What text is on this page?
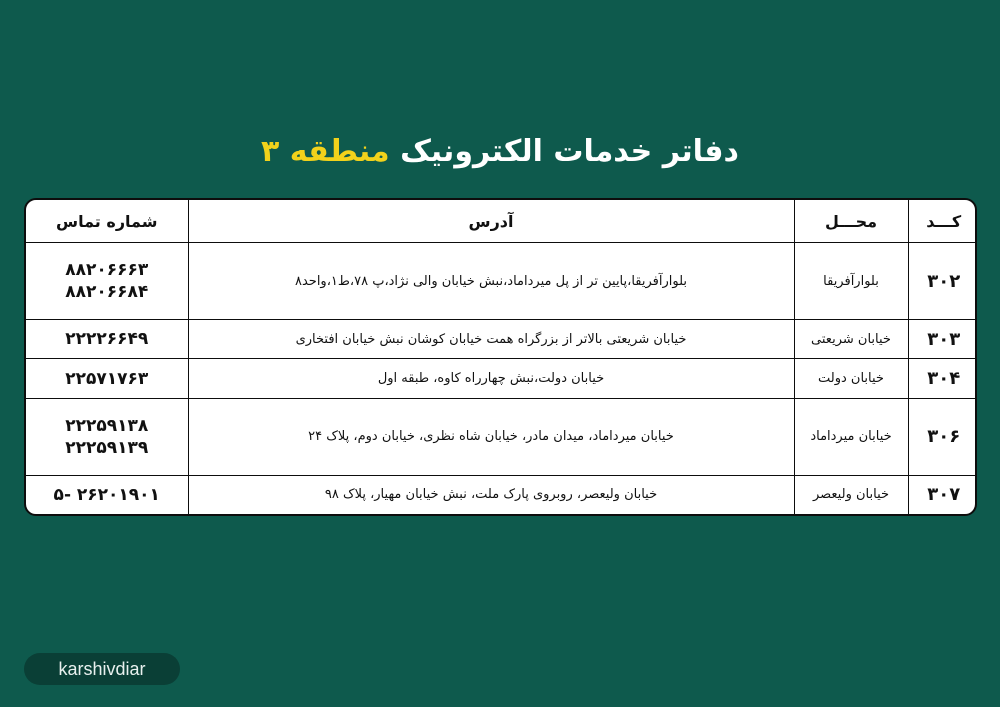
دفاتر خدمات الکترونیک منطقه ۳
کـــد	محـــل	آدرس	شماره تماس
۳۰۲	بلوارآفریقا	بلوارآفریقا،پایین تر از پل میرداماد،نبش خیابان والی نژاد،پ ۷۸،ط۱،واحد۸	۸۸۲۰۶۶۶۳
۸۸۲۰۶۶۸۴

۳۰۳	خیابان شریعتی	خیابان شریعتی بالاتر از بزرگراه همت خیابان کوشان نبش خیابان افتخاری	۲۲۲۲۶۶۴۹

۳۰۴	خیابان دولت	خیابان دولت،نبش چهارراه کاوه، طبقه اول	۲۲۵۷۱۷۶۳

۳۰۶	خیابان میرداماد	خیابان میرداماد، میدان مادر، خیابان شاه نظری، خیابان دوم، پلاک ۲۴	۲۲۲۵۹۱۳۸
۲۲۲۵۹۱۳۹

۳۰۷	خیابان ولیعصر	خیابان ولیعصر، روبروی پارک ملت، نبش خیابان مهیار، پلاک ۹۸	۲۶۲۰۱۹۰۱ -۵
karshivdiar
